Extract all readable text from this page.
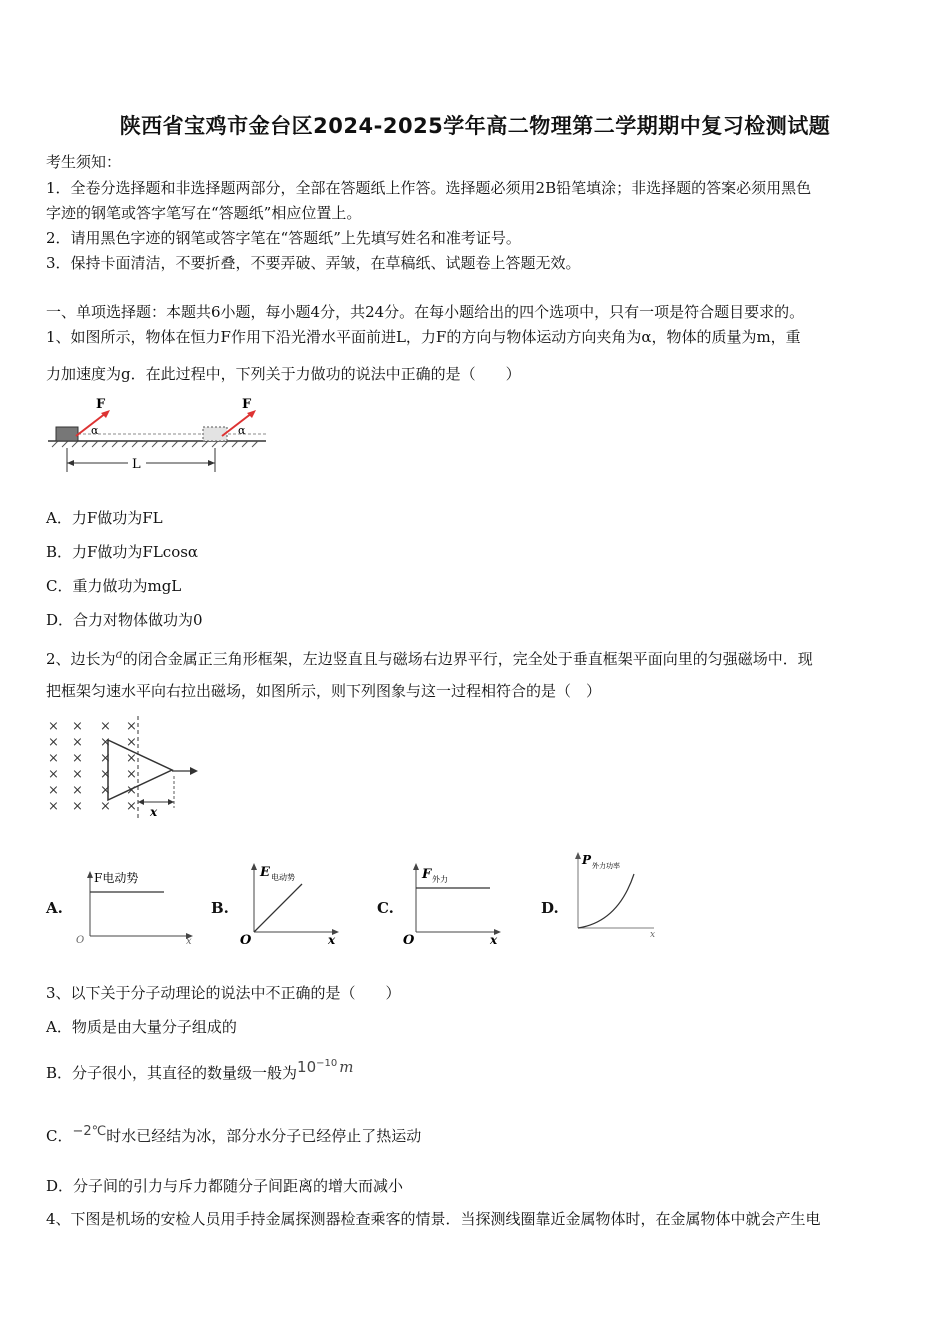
陕西省宝鸡市金台区2024-2025学年高二物理第二学期期中复习检测试题
考生须知：
1．全卷分选择题和非选择题两部分，全部在答题纸上作答。选择题必须用2B铅笔填涂；非选择题的答案必须用黑色
字迹的钢笔或答字笔写在“答题纸”相应位置上。
2．请用黑色字迹的钢笔或答字笔在“答题纸”上先填写姓名和准考证号。
3．保持卡面清洁，不要折叠，不要弄破、弄皱，在草稿纸、试题卷上答题无效。
一、单项选择题：本题共6小题，每小题4分，共24分。在每小题给出的四个选项中，只有一项是符合题目要求的。
1、如图所示，物体在恒力F作用下沿光滑水平面前进L，力F的方向与物体运动方向夹角为α，物体的质量为m，重
力加速度为g．在此过程中，下列关于力做功的说法中正确的是（　　）
F
α
F
α
L
A．力F做功为FL
B．力F做功为FLcosα
C．重力做功为mgL
D．合力对物体做功为0
2、边长为$^a$的闭合金属正三角形框架，左边竖直且与磁场右边界平行，完全处于垂直框架平面向里的匀强磁场中．现
把框架匀速水平向右拉出磁场，如图所示，则下列图象与这一过程相符合的是（　）
× × × ×
× × × ×
× × × ×
× × × ×
× × × ×
× × × × x
A.
F电动势
O	x
B.
E 电动势
O	x
C.
F 外力
O	x
D.
P 外力功率
x
3、以下关于分子动理论的说法中不正确的是（　　）
A．物质是由大量分子组成的
B．分子很小，其直径的数量级一般为$10^{-10}$ m
C．−2℃时水已经结为冰，部分水分子已经停止了热运动
D．分子间的引力与斥力都随分子间距离的增大而减小
4、下图是机场的安检人员用手持金属探测器检查乘客的情景．当探测线圈靠近金属物体时，在金属物体中就会产生电
